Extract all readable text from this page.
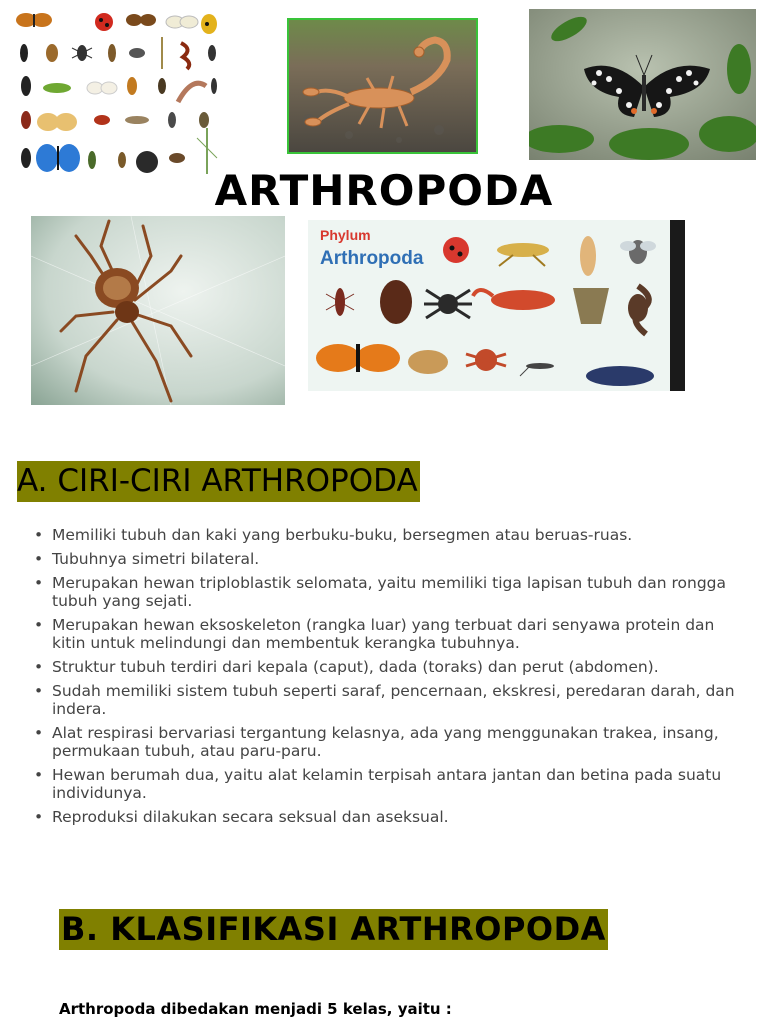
ARTHROPODA
Phylum
Arthropoda
A. CIRI-CIRI ARTHROPODA
• Memiliki tubuh dan kaki yang berbuku-buku, bersegmen atau beruas-ruas.
• Tubuhnya simetri bilateral.
• Merupakan hewan triploblastik selomata, yaitu memiliki tiga lapisan tubuh dan rongga tubuh yang sejati.
• Merupakan hewan eksoskeleton (rangka luar) yang terbuat dari senyawa protein dan kitin untuk melindungi dan membentuk kerangka tubuhnya.
• Struktur tubuh terdiri dari kepala (caput), dada (toraks) dan perut (abdomen).
• Sudah memiliki sistem tubuh seperti saraf, pencernaan, ekskresi, peredaran darah, dan indera.
• Alat respirasi bervariasi tergantung kelasnya, ada yang menggunakan trakea, insang, permukaan tubuh, atau paru-paru.
• Hewan berumah dua, yaitu alat kelamin terpisah antara jantan dan betina pada suatu individunya.
• Reproduksi dilakukan secara seksual dan aseksual.
B. KLASIFIKASI ARTHROPODA
Arthropoda dibedakan menjadi 5 kelas, yaitu :
